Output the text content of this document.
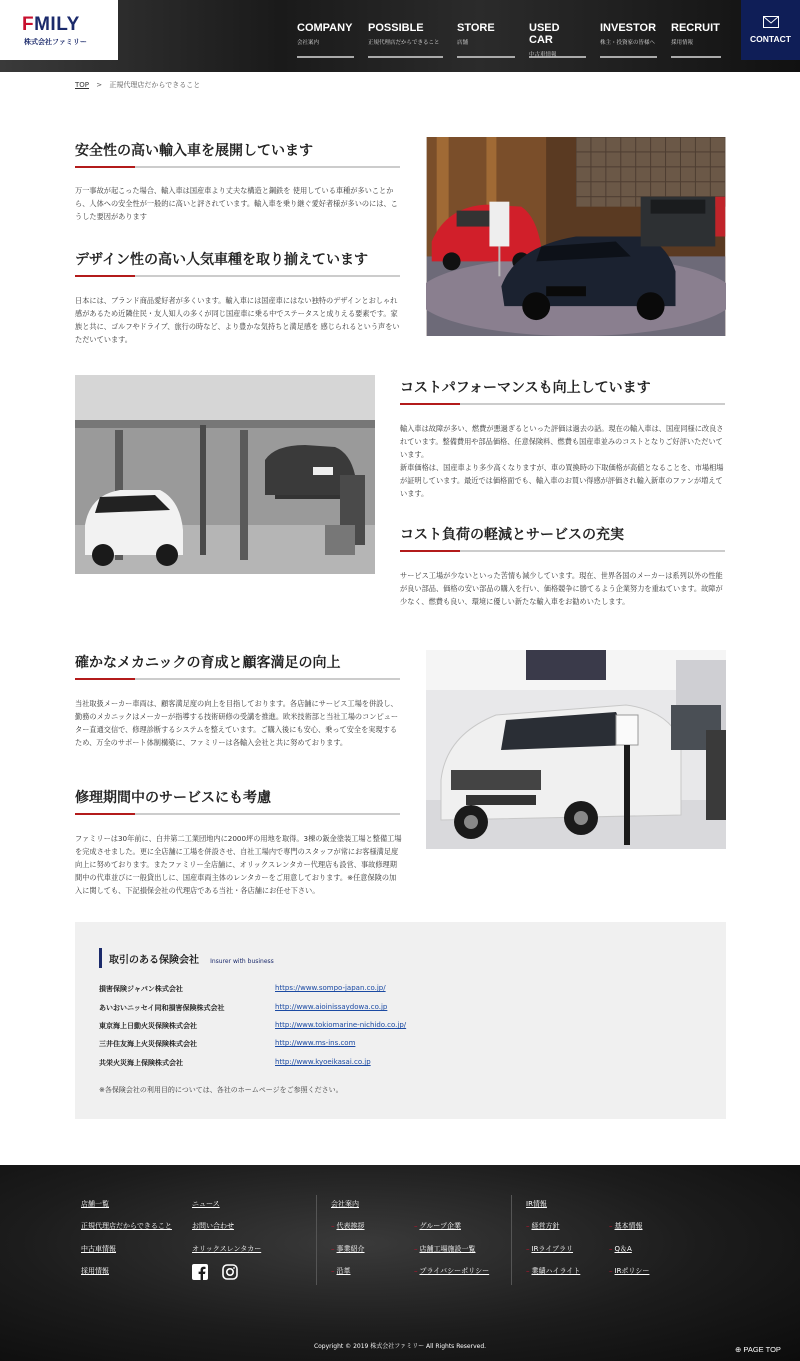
FMILY
株式会社ファミリー
COMPANY
会社案内
POSSIBLE
正規代理店だからできること
STORE
店舗
USED CAR
中古車情報
INVESTOR
株主・投資家の皆様へ
RECRUIT
採用情報	CONTACT
TOP > 正規代理店だからできること
安全性の高い輸入車を展開しています
万一事故が起こった場合、輸入車は国産車より丈夫な構造と鋼鉄を 使用している車種が多いことから、人体への安全性が一般的に高いと評されています。輸入車を乗り継ぐ愛好者様が多いのには、こうした要因があります
デザイン性の高い人気車種を取り揃えています
日本には、ブランド商品愛好者が多くいます。輸入車には国産車にはない独特のデザインとおしゃれ感があるため近隣住民・友人知人の多くが同じ国産車に乗る中でステータスと成りえる要素です。家族と共に、ゴルフやドライブ、旅行の時など、より豊かな気持ちと満足感を 感じられるという声をいただいています。
コストパフォーマンスも向上しています
輸入車は故障が多い、燃費が悪過ぎるといった評価は過去の話。現在の輸入車は、国産同様に改良されています。整備費用や部品価格、任意保険料、燃費も国産車並みのコストとなりご好評いただいています。
新車価格は、国産車より多少高くなりますが、車の買換時の下取価格が高値となることを、市場相場が証明しています。最近では価格面でも、輸入車のお買い得感が評価され輸入新車のファンが増えています。
コスト負荷の軽減とサービスの充実
サービス工場が少ないといった苦情も減少しています。現在、世界各国のメーカーは系列以外の性能が良い部品、価格の安い部品の購入を行い、価格競争に勝てるよう企業努力を重ねています。故障が少なく、燃費も良い、環境に優しい新たな輸入車をお勧めいたします。
確かなメカニックの育成と顧客満足の向上
当社取扱メーカー車両は、顧客満足度の向上を目指しております。各店舗にサービス工場を併設し、勤務のメカニックはメーカーが指導する技術研修の受講を推進。欧米技術部と当社工場のコンピューター直通交信で、修理診断するシステムを整えています。ご購入後にも安心、乗って安全を実現するため、万全のサポート体制構築に、ファミリーは各輸入会社と共に努めております。
修理期間中のサービスにも考慮
ファミリーは30年前に、白井第二工業団地内に2000坪の用地を取得。3棟の鈑金塗装工場と整備工場を完成させました。更に全店舗に工場を併設させ、自社工場内で専門のスタッフが常にお客様満足度向上に努めております。またファミリー全店舗に、オリックスレンタカー代理店も設営、事故修理期間中の代車並びに一般貸出しに、国産車両主体のレンタカーをご用意しております。※任意保険の加入に関しても、下記損保会社の代理店である当社・各店舗にお任せ下さい。
取引のある保険会社 Insurer with business
損害保険ジャパン株式会社	https://www.sompo-japan.co.jp/
あいおいニッセイ同和損害保険株式会社	http://www.aioinissaydowa.co.jp
東京海上日動火災保険株式会社	http://www.tokiomarine-nichido.co.jp/
三井住友海上火災保険株式会社	http://www.ms-ins.com
共栄火災海上保険株式会社	http://www.kyoeikasai.co.jp
※各保険会社の利用目的については、各社のホームページをご参照ください。
店舗一覧
正規代理店だからできること
中古車情報
採用情報
ニュース
お問い合わせ
オリックスレンタカー
会社案内
– 代表挨拶
– 事業紹介
– 沿革
– グループ企業
– 店舗工場施設一覧
– プライバシーポリシー
IR情報
– 経営方針
– IRライブラリ
– 業績ハイライト
– 基本情報
– Q＆A
– IRポリシー
Copyright © 2019 株式会社ファミリー All Rights Reserved.	⊕ PAGE TOP
